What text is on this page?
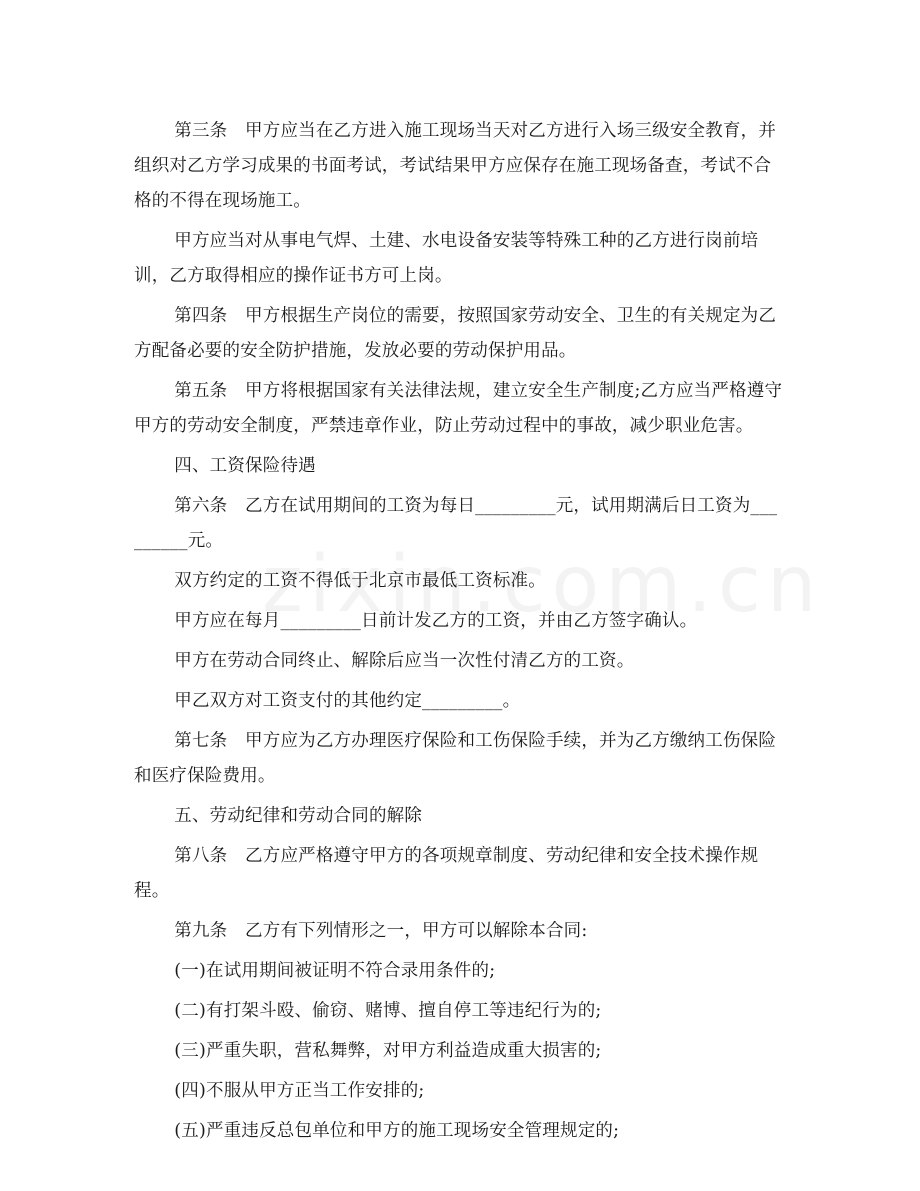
第三条　甲方应当在乙方进入施工现场当天对乙方进行入场三级安全教育，并组织对乙方学习成果的书面考试，考试结果甲方应保存在施工现场备查，考试不合格的不得在现场施工。

甲方应当对从事电气焊、土建、水电设备安装等特殊工种的乙方进行岗前培训，乙方取得相应的操作证书方可上岗。

第四条　甲方根据生产岗位的需要，按照国家劳动安全、卫生的有关规定为乙方配备必要的安全防护措施，发放必要的劳动保护用品。

第五条　甲方将根据国家有关法律法规，建立安全生产制度;乙方应当严格遵守甲方的劳动安全制度，严禁违章作业，防止劳动过程中的事故，减少职业危害。

四、工资保险待遇

第六条　乙方在试用期间的工资为每日_________元，试用期满后日工资为_________元。

双方约定的工资不得低于北京市最低工资标准。

甲方应在每月_________日前计发乙方的工资，并由乙方签字确认。

甲方在劳动合同终止、解除后应当一次性付清乙方的工资。

甲乙双方对工资支付的其他约定_________。

第七条　甲方应为乙方办理医疗保险和工伤保险手续，并为乙方缴纳工伤保险和医疗保险费用。

五、劳动纪律和劳动合同的解除

第八条　乙方应严格遵守甲方的各项规章制度、劳动纪律和安全技术操作规程。

第九条　乙方有下列情形之一，甲方可以解除本合同:

(一)在试用期间被证明不符合录用条件的;

(二)有打架斗殴、偷窃、赌博、擅自停工等违纪行为的;

(三)严重失职，营私舞弊，对甲方利益造成重大损害的;

(四)不服从甲方正当工作安排的;

(五)严重违反总包单位和甲方的施工现场安全管理规定的;
